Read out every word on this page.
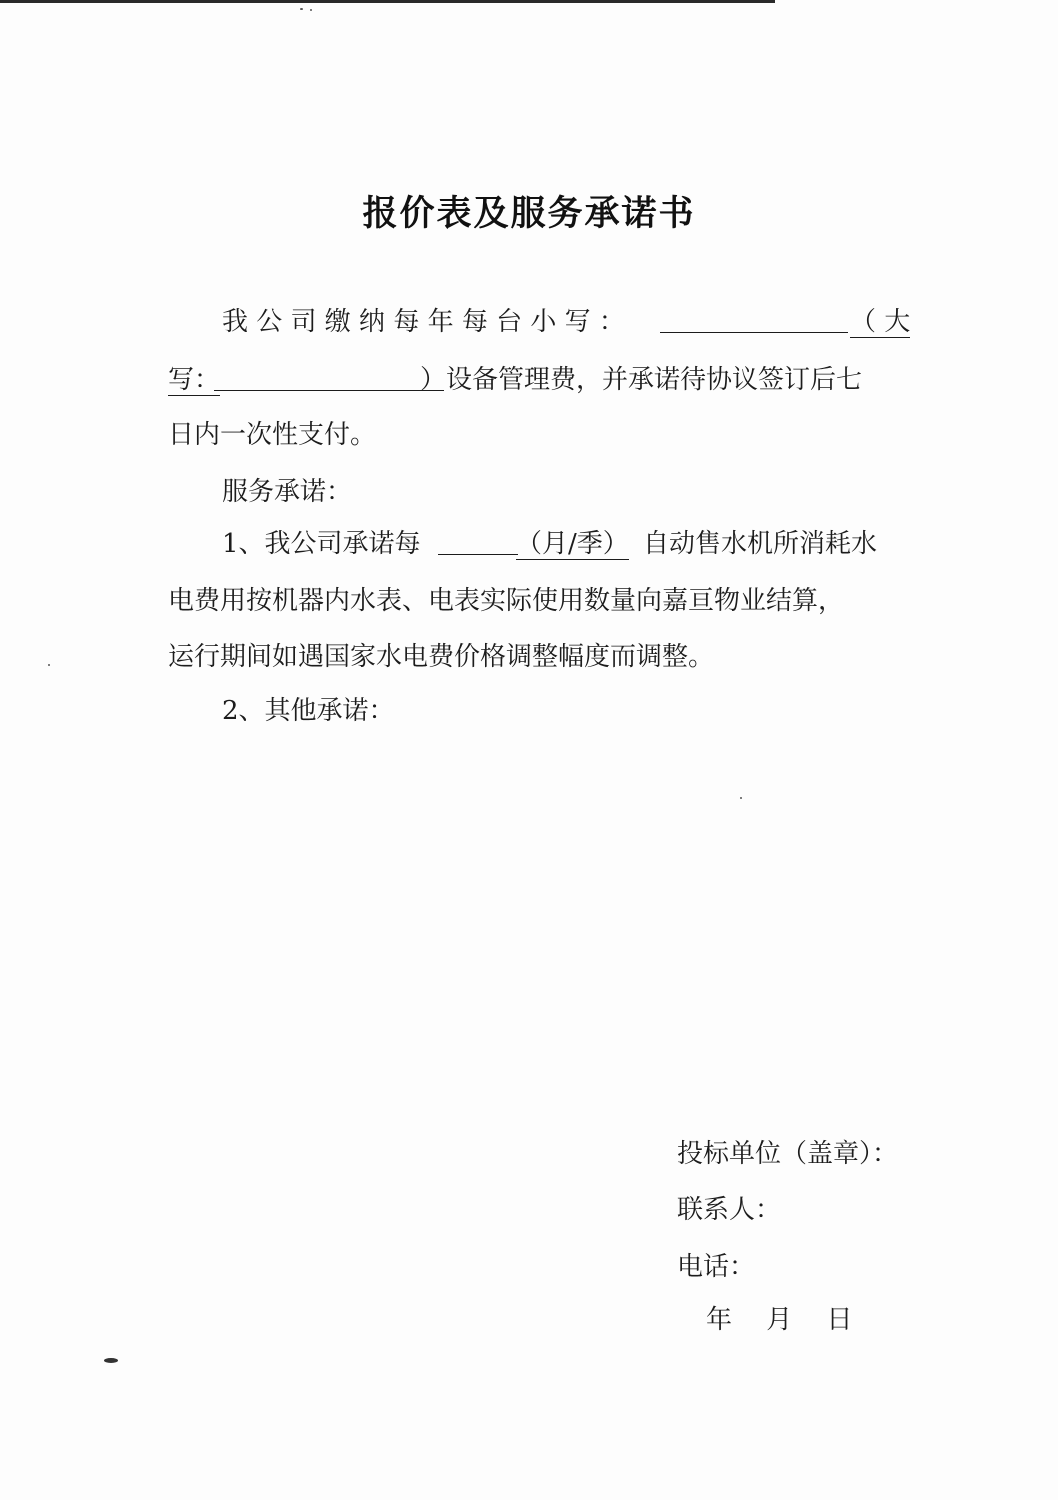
报价表及服务承诺书
我 公 司 缴 纳 每 年 每 台 小 写 ：	（ 大
写：	）设备管理费，并承诺待协议签订后七
日内一次性支付。
服务承诺：
1、我公司承诺每	（月/季） 自动售水机所消耗水
电费用按机器内水表、电表实际使用数量向嘉亘物业结算，
运行期间如遇国家水电费价格调整幅度而调整。
2、其他承诺：
投标单位（盖章）：
联系人：
电话：
年　 月　 日
